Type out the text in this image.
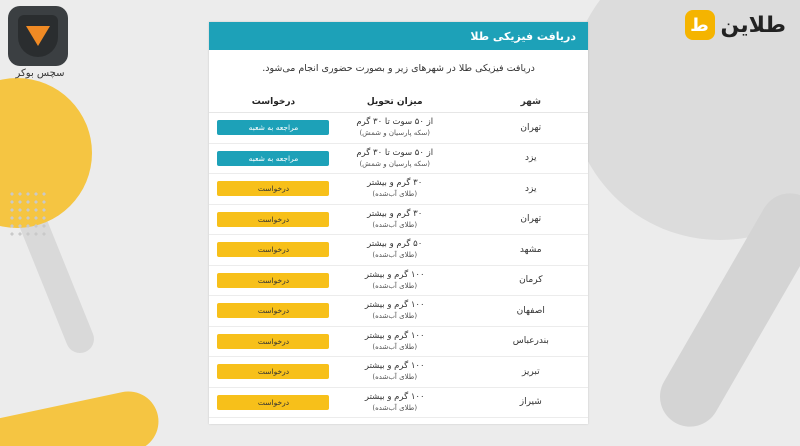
سچس بوکر
ط طلاین
دریافت فیزیکی طلا
دریافت فیزیکی طلا در شهرهای زیر و بصورت حضوری انجام می‌شود.
شهر
میزان تحویل
درخواست
تهران
از ۵۰ سوت تا ۳۰ گرم
(سکه پارسیان و شمش)
مراجعه به شعبه
یزد
از ۵۰ سوت تا ۳۰ گرم
(سکه پارسیان و شمش)
مراجعه به شعبه
یزد
۳۰ گرم و بیشتر
(طلای آب‌شده)
درخواست
تهران
۳۰ گرم و بیشتر
(طلای آب‌شده)
درخواست
مشهد
۵۰ گرم و بیشتر
(طلای آب‌شده)
درخواست
کرمان
۱۰۰ گرم و بیشتر
(طلای آب‌شده)
درخواست
اصفهان
۱۰۰ گرم و بیشتر
(طلای آب‌شده)
درخواست
بندرعباس
۱۰۰ گرم و بیشتر
(طلای آب‌شده)
درخواست
تبریز
۱۰۰ گرم و بیشتر
(طلای آب‌شده)
درخواست
شیراز
۱۰۰ گرم و بیشتر
(طلای آب‌شده)
درخواست
